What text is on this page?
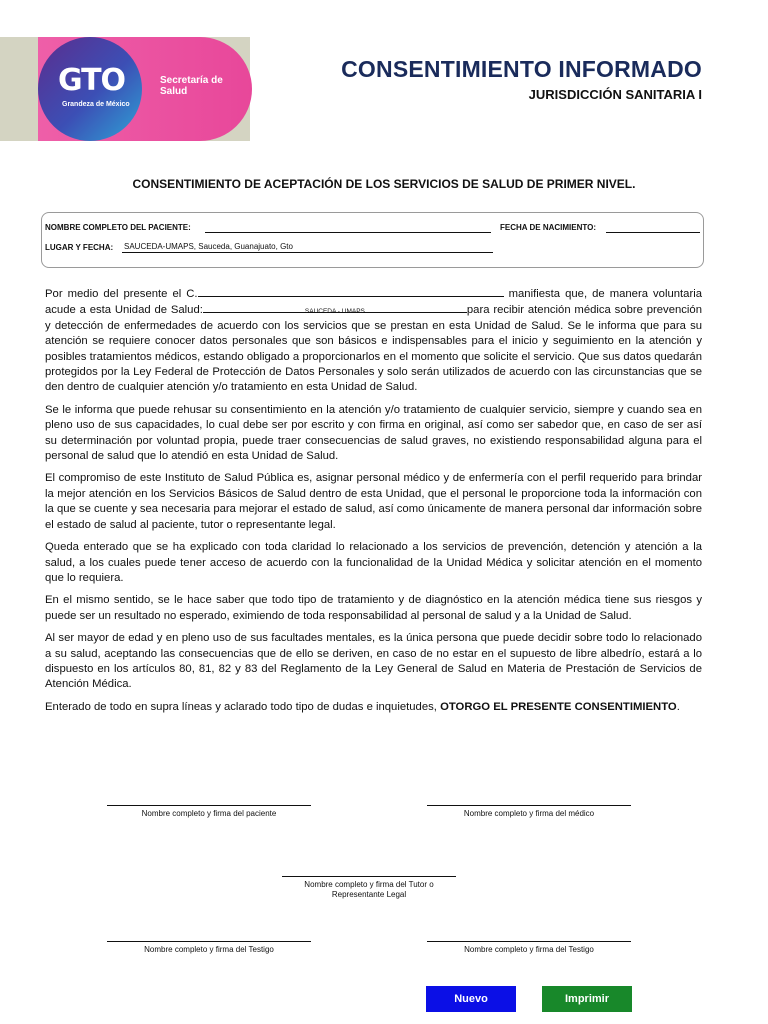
GTO
Grandeza de México
Secretaría de Salud
CONSENTIMIENTO INFORMADO
JURISDICCIÓN SANITARIA I
CONSENTIMIENTO DE ACEPTACIÓN DE LOS SERVICIOS DE SALUD DE PRIMER NIVEL.
NOMBRE COMPLETO DEL PACIENTE:	FECHA DE NACIMIENTO:
LUGAR Y FECHA: SAUCEDA-UMAPS, Sauceda, Guanajuato, Gto

Por medio del presente el C.	manifiesta que, de manera voluntaria acude a esta Unidad de Salud:	SAUCEDA - UMAPS	para recibir atención médica sobre prevención y detección de enfermedades de acuerdo con los servicios que se prestan en esta Unidad de Salud. Se le informa que para su atención se requiere conocer datos personales que son básicos e indispensables para el inicio y seguimiento en la atención y posibles tratamientos médicos, estando obligado a proporcionarlos en el momento que solicite el servicio. Que sus datos quedarán protegidos por la Ley Federal de Protección de Datos Personales y solo serán utilizados de acuerdo con las circunstancias que se den dentro de cualquier atención y/o tratamiento en esta Unidad de Salud.

Se le informa que puede rehusar su consentimiento en la atención y/o tratamiento de cualquier servicio, siempre y cuando sea en pleno uso de sus capacidades, lo cual debe ser por escrito y con firma en original, así como ser sabedor que, en caso de ser así su determinación por voluntad propia, puede traer consecuencias de salud graves, no existiendo responsabilidad alguna para el personal de salud que lo atendió en esta Unidad de Salud.

El compromiso de este Instituto de Salud Pública es, asignar personal médico y de enfermería con el perfil requerido para brindar la mejor atención en los Servicios Básicos de Salud dentro de esta Unidad, que el personal le proporcione toda la información con la que se cuente y sea necesaria para mejorar el estado de salud, así como únicamente de manera personal dar información sobre el estado de salud al paciente, tutor o representante legal.

Queda enterado que se ha explicado con toda claridad lo relacionado a los servicios de prevención, detención y atención a la salud, a los cuales puede tener acceso de acuerdo con la funcionalidad de la Unidad Médica y solicitar atención en el momento que lo requiera.

En el mismo sentido, se le hace saber que todo tipo de tratamiento y de diagnóstico en la atención médica tiene sus riesgos y puede ser un resultado no esperado, eximiendo de toda responsabilidad al personal de salud y a la Unidad de Salud.

Al ser mayor de edad y en pleno uso de sus facultades mentales, es la única persona que puede decidir sobre todo lo relacionado a su salud, aceptando las consecuencias que de ello se deriven, en caso de no estar en el supuesto de libre albedrío, estará a lo dispuesto en los artículos 80, 81, 82 y 83 del Reglamento de la Ley General de Salud en Materia de Prestación de Servicios de Atención Médica.

Enterado de todo en supra líneas y aclarado todo tipo de dudas e inquietudes, OTORGO EL PRESENTE CONSENTIMIENTO.

Nombre completo y firma del paciente	Nombre completo y firma del médico
Nombre completo y firma del Tutor o Representante Legal
Nombre completo y firma del Testigo	Nombre completo y firma del Testigo
Nuevo	Imprimir
